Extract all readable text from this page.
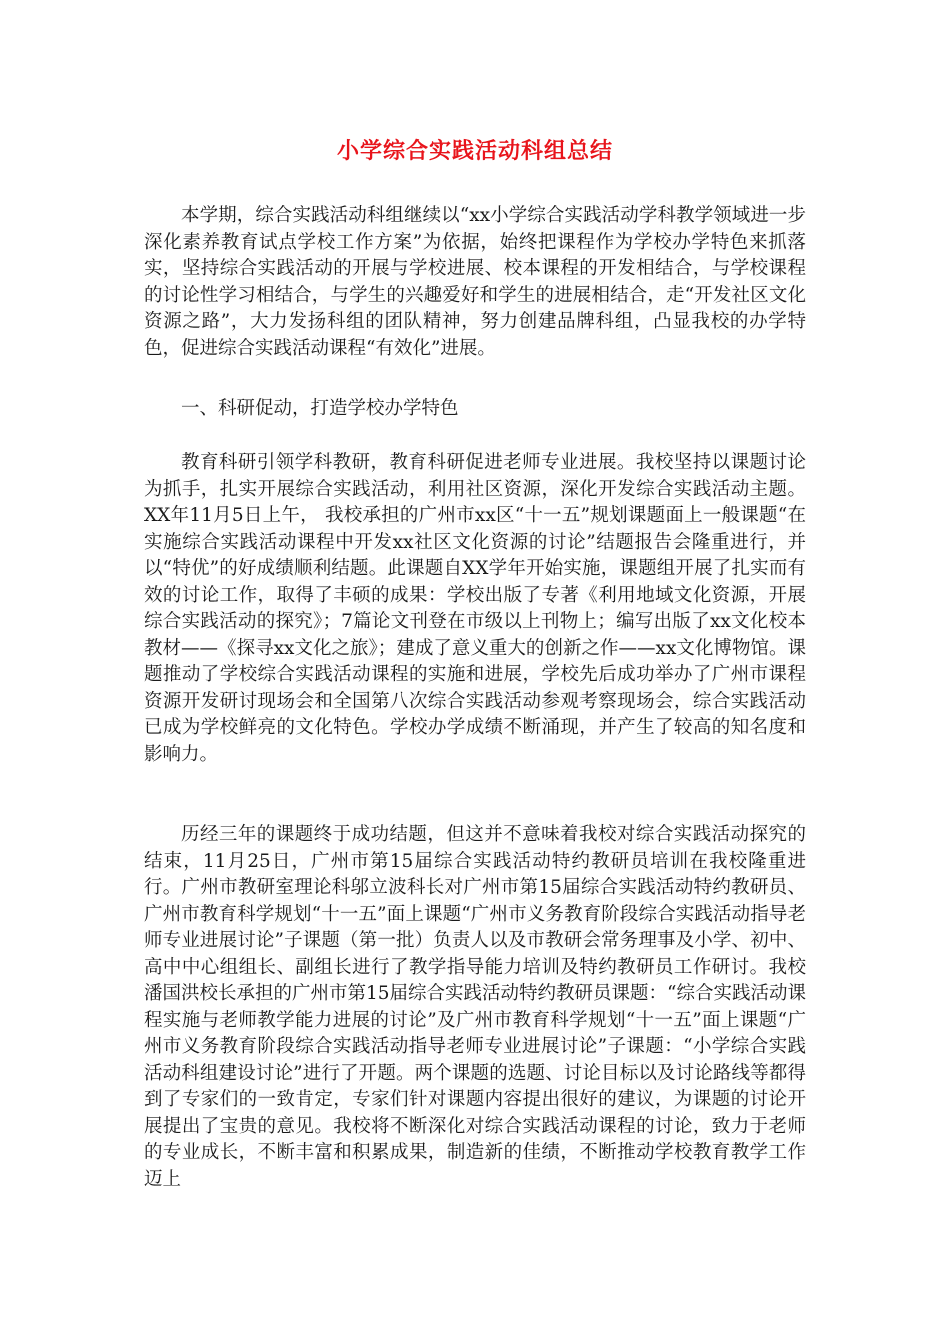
小学综合实践活动科组总结

本学期，综合实践活动科组继续以“xx小学综合实践活动学科教学领域进一步深化素养教育试点学校工作方案”为依据，始终把课程作为学校办学特色来抓落实，坚持综合实践活动的开展与学校进展、校本课程的开发相结合，与学校课程的讨论性学习相结合，与学生的兴趣爱好和学生的进展相结合，走“开发社区文化资源之路”，大力发扬科组的团队精神，努力创建品牌科组，凸显我校的办学特色，促进综合实践活动课程“有效化”进展。

一、科研促动，打造学校办学特色

教育科研引领学科教研，教育科研促进老师专业进展。我校坚持以课题讨论为抓手，扎实开展综合实践活动，利用社区资源，深化开发综合实践活动主题。XX年11月5日上午， 我校承担的广州市xx区“十一五”规划课题面上一般课题“在实施综合实践活动课程中开发xx社区文化资源的讨论”结题报告会隆重进行，并以“特优”的好成绩顺利结题。此课题自XX学年开始实施，课题组开展了扎实而有效的讨论工作，取得了丰硕的成果：学校出版了专著《利用地域文化资源，开展综合实践活动的探究》；7篇论文刊登在市级以上刊物上；编写出版了xx文化校本教材——《探寻xx文化之旅》；建成了意义重大的创新之作——xx文化博物馆。课题推动了学校综合实践活动课程的实施和进展，学校先后成功举办了广州市课程资源开发研讨现场会和全国第八次综合实践活动参观考察现场会，综合实践活动已成为学校鲜亮的文化特色。学校办学成绩不断涌现，并产生了较高的知名度和影响力。

历经三年的课题终于成功结题，但这并不意味着我校对综合实践活动探究的结束，11月25日，广州市第15届综合实践活动特约教研员培训在我校隆重进行。广州市教研室理论科邬立波科长对广州市第15届综合实践活动特约教研员、广州市教育科学规划“十一五”面上课题“广州市义务教育阶段综合实践活动指导老师专业进展讨论”子课题（第一批）负责人以及市教研会常务理事及小学、初中、高中中心组组长、副组长进行了教学指导能力培训及特约教研员工作研讨。我校潘国洪校长承担的广州市第15届综合实践活动特约教研员课题：“综合实践活动课程实施与老师教学能力进展的讨论”及广州市教育科学规划“十一五”面上课题“广州市义务教育阶段综合实践活动指导老师专业进展讨论”子课题：“小学综合实践活动科组建设讨论”进行了开题。两个课题的选题、讨论目标以及讨论路线等都得到了专家们的一致肯定，专家们针对课题内容提出很好的建议，为课题的讨论开展提出了宝贵的意见。我校将不断深化对综合实践活动课程的讨论，致力于老师的专业成长，不断丰富和积累成果，制造新的佳绩，不断推动学校教育教学工作迈上
